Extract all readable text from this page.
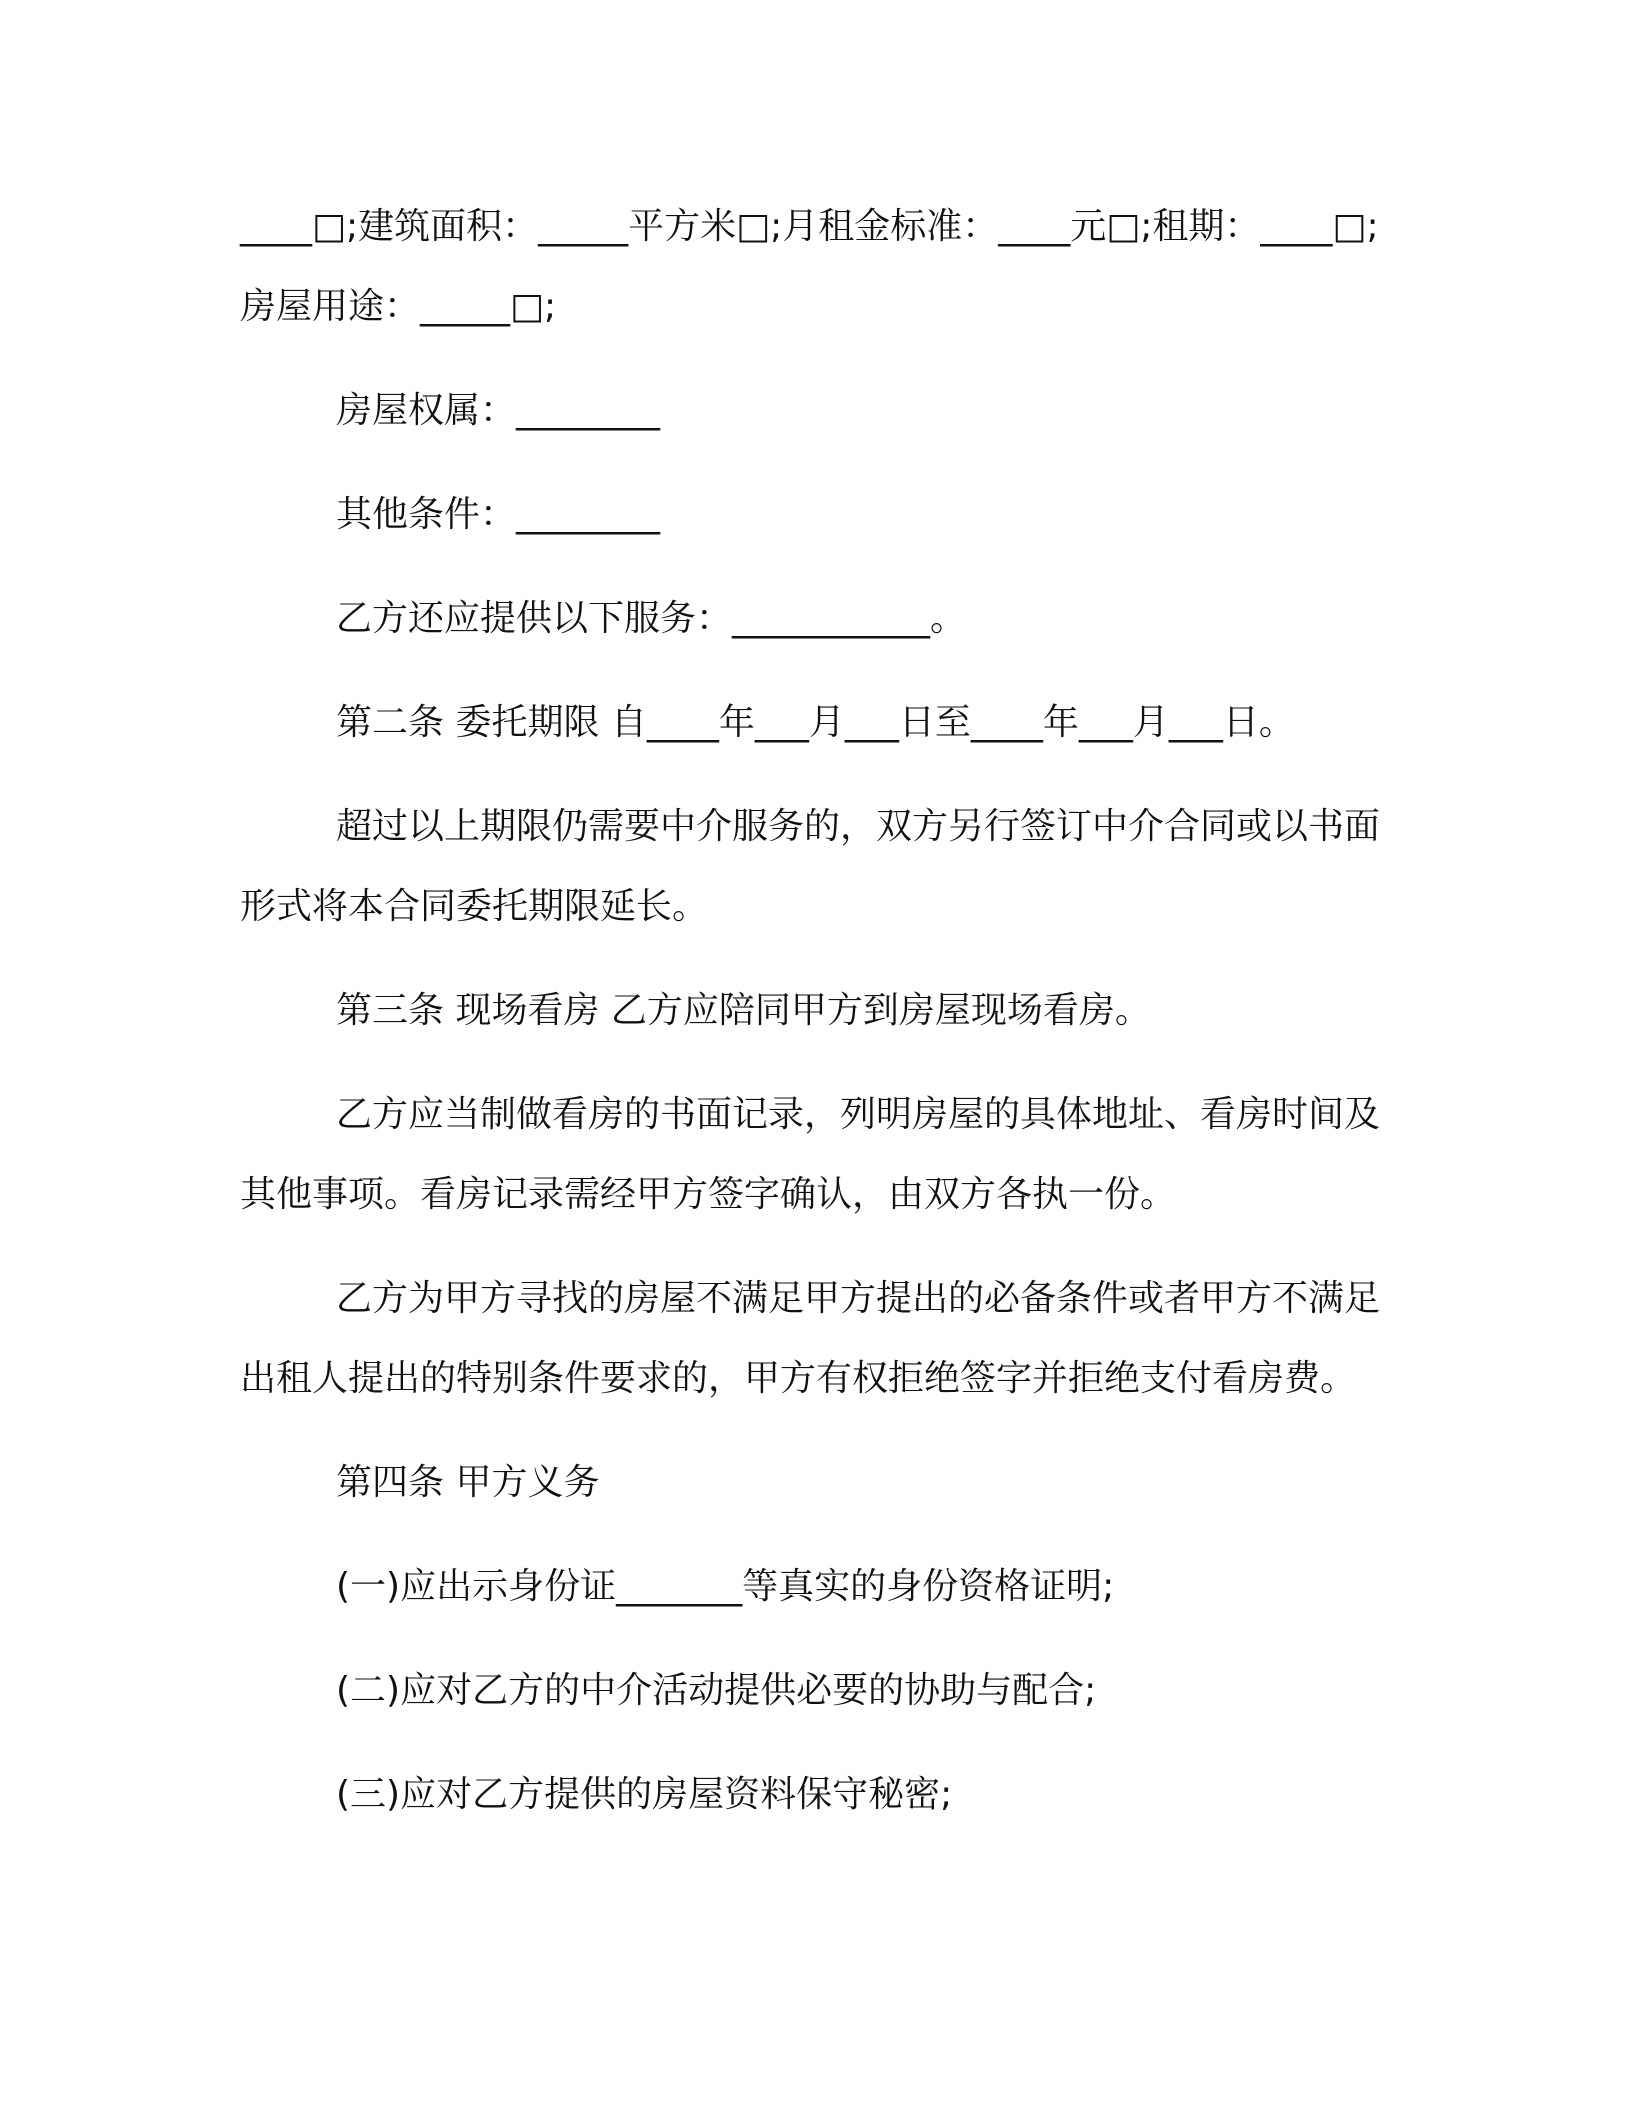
____□;建筑面积：_____平方米□;月租金标准：____元□;租期：____□;房屋用途：_____□;

房屋权属：________

其他条件：________

乙方还应提供以下服务：___________。

第二条 委托期限 自____年___月___日至____年___月___日。

超过以上期限仍需要中介服务的，双方另行签订中介合同或以书面形式将本合同委托期限延长。

第三条 现场看房 乙方应陪同甲方到房屋现场看房。

乙方应当制做看房的书面记录，列明房屋的具体地址、看房时间及其他事项。看房记录需经甲方签字确认，由双方各执一份。

乙方为甲方寻找的房屋不满足甲方提出的必备条件或者甲方不满足出租人提出的特别条件要求的，甲方有权拒绝签字并拒绝支付看房费。

第四条 甲方义务

(一)应出示身份证_______等真实的身份资格证明;

(二)应对乙方的中介活动提供必要的协助与配合;

(三)应对乙方提供的房屋资料保守秘密;
